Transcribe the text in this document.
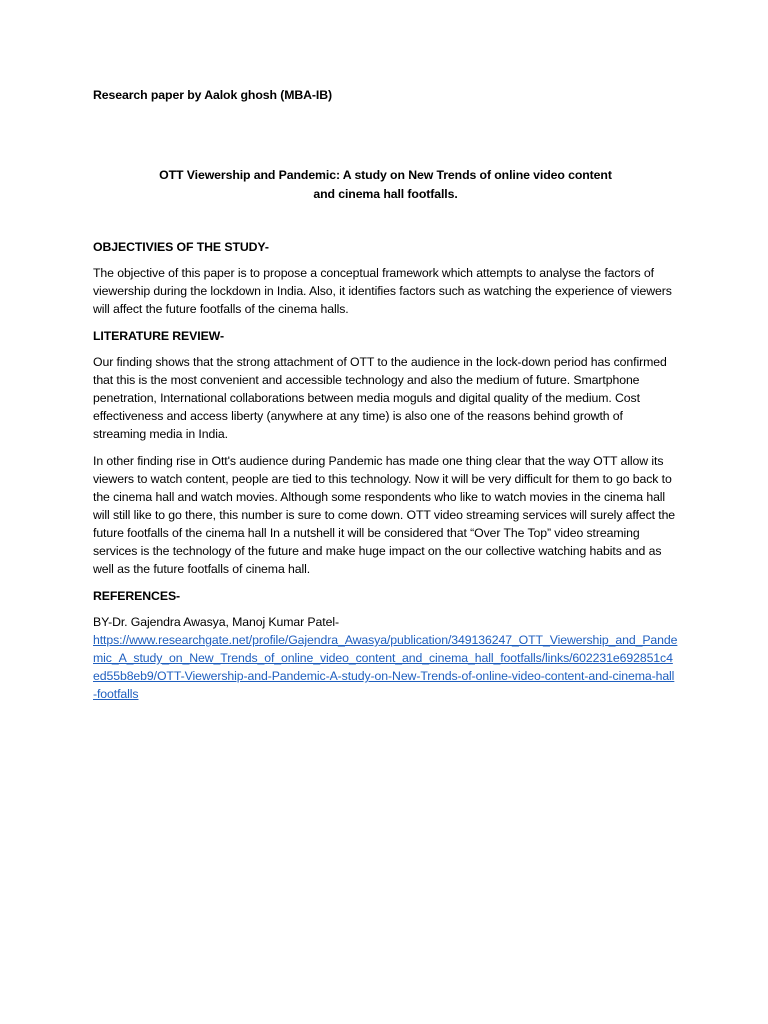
Research paper by Aalok ghosh (MBA-IB)

OTT Viewership and Pandemic: A study on New Trends of online video content
and cinema hall footfalls.

OBJECTIVIES OF THE STUDY-

The objective of this paper is to propose a conceptual framework which attempts to analyse the factors of viewership during the lockdown in India. Also, it identifies factors such as watching the experience of viewers will affect the future footfalls of the cinema halls.

LITERATURE REVIEW-

Our finding shows that the strong attachment of OTT to the audience in the lock-down period has confirmed that this is the most convenient and accessible technology and also the medium of future. Smartphone penetration, International collaborations between media moguls and digital quality of the medium. Cost effectiveness and access liberty (anywhere at any time) is also one of the reasons behind growth of streaming media in India.

In other finding rise in Ott's audience during Pandemic has made one thing clear that the way OTT allow its viewers to watch content, people are tied to this technology. Now it will be very difficult for them to go back to the cinema hall and watch movies. Although some respondents who like to watch movies in the cinema hall will still like to go there, this number is sure to come down. OTT video streaming services will surely affect the future footfalls of the cinema hall In a nutshell it will be considered that “Over The Top” video streaming services is the technology of the future and make huge impact on the our collective watching habits and as well as the future footfalls of cinema hall.

REFERENCES-

BY-Dr. Gajendra Awasya, Manoj Kumar Patel-

https://www.researchgate.net/profile/Gajendra_Awasya/publication/349136247_OTT_Viewership_and_Pandemic_A_study_on_New_Trends_of_online_video_content_and_cinema_hall_footfalls/links/602231e692851c4ed55b8eb9/OTT-Viewership-and-Pandemic-A-study-on-New-Trends-of-online-video-content-and-cinema-hall-footfalls
